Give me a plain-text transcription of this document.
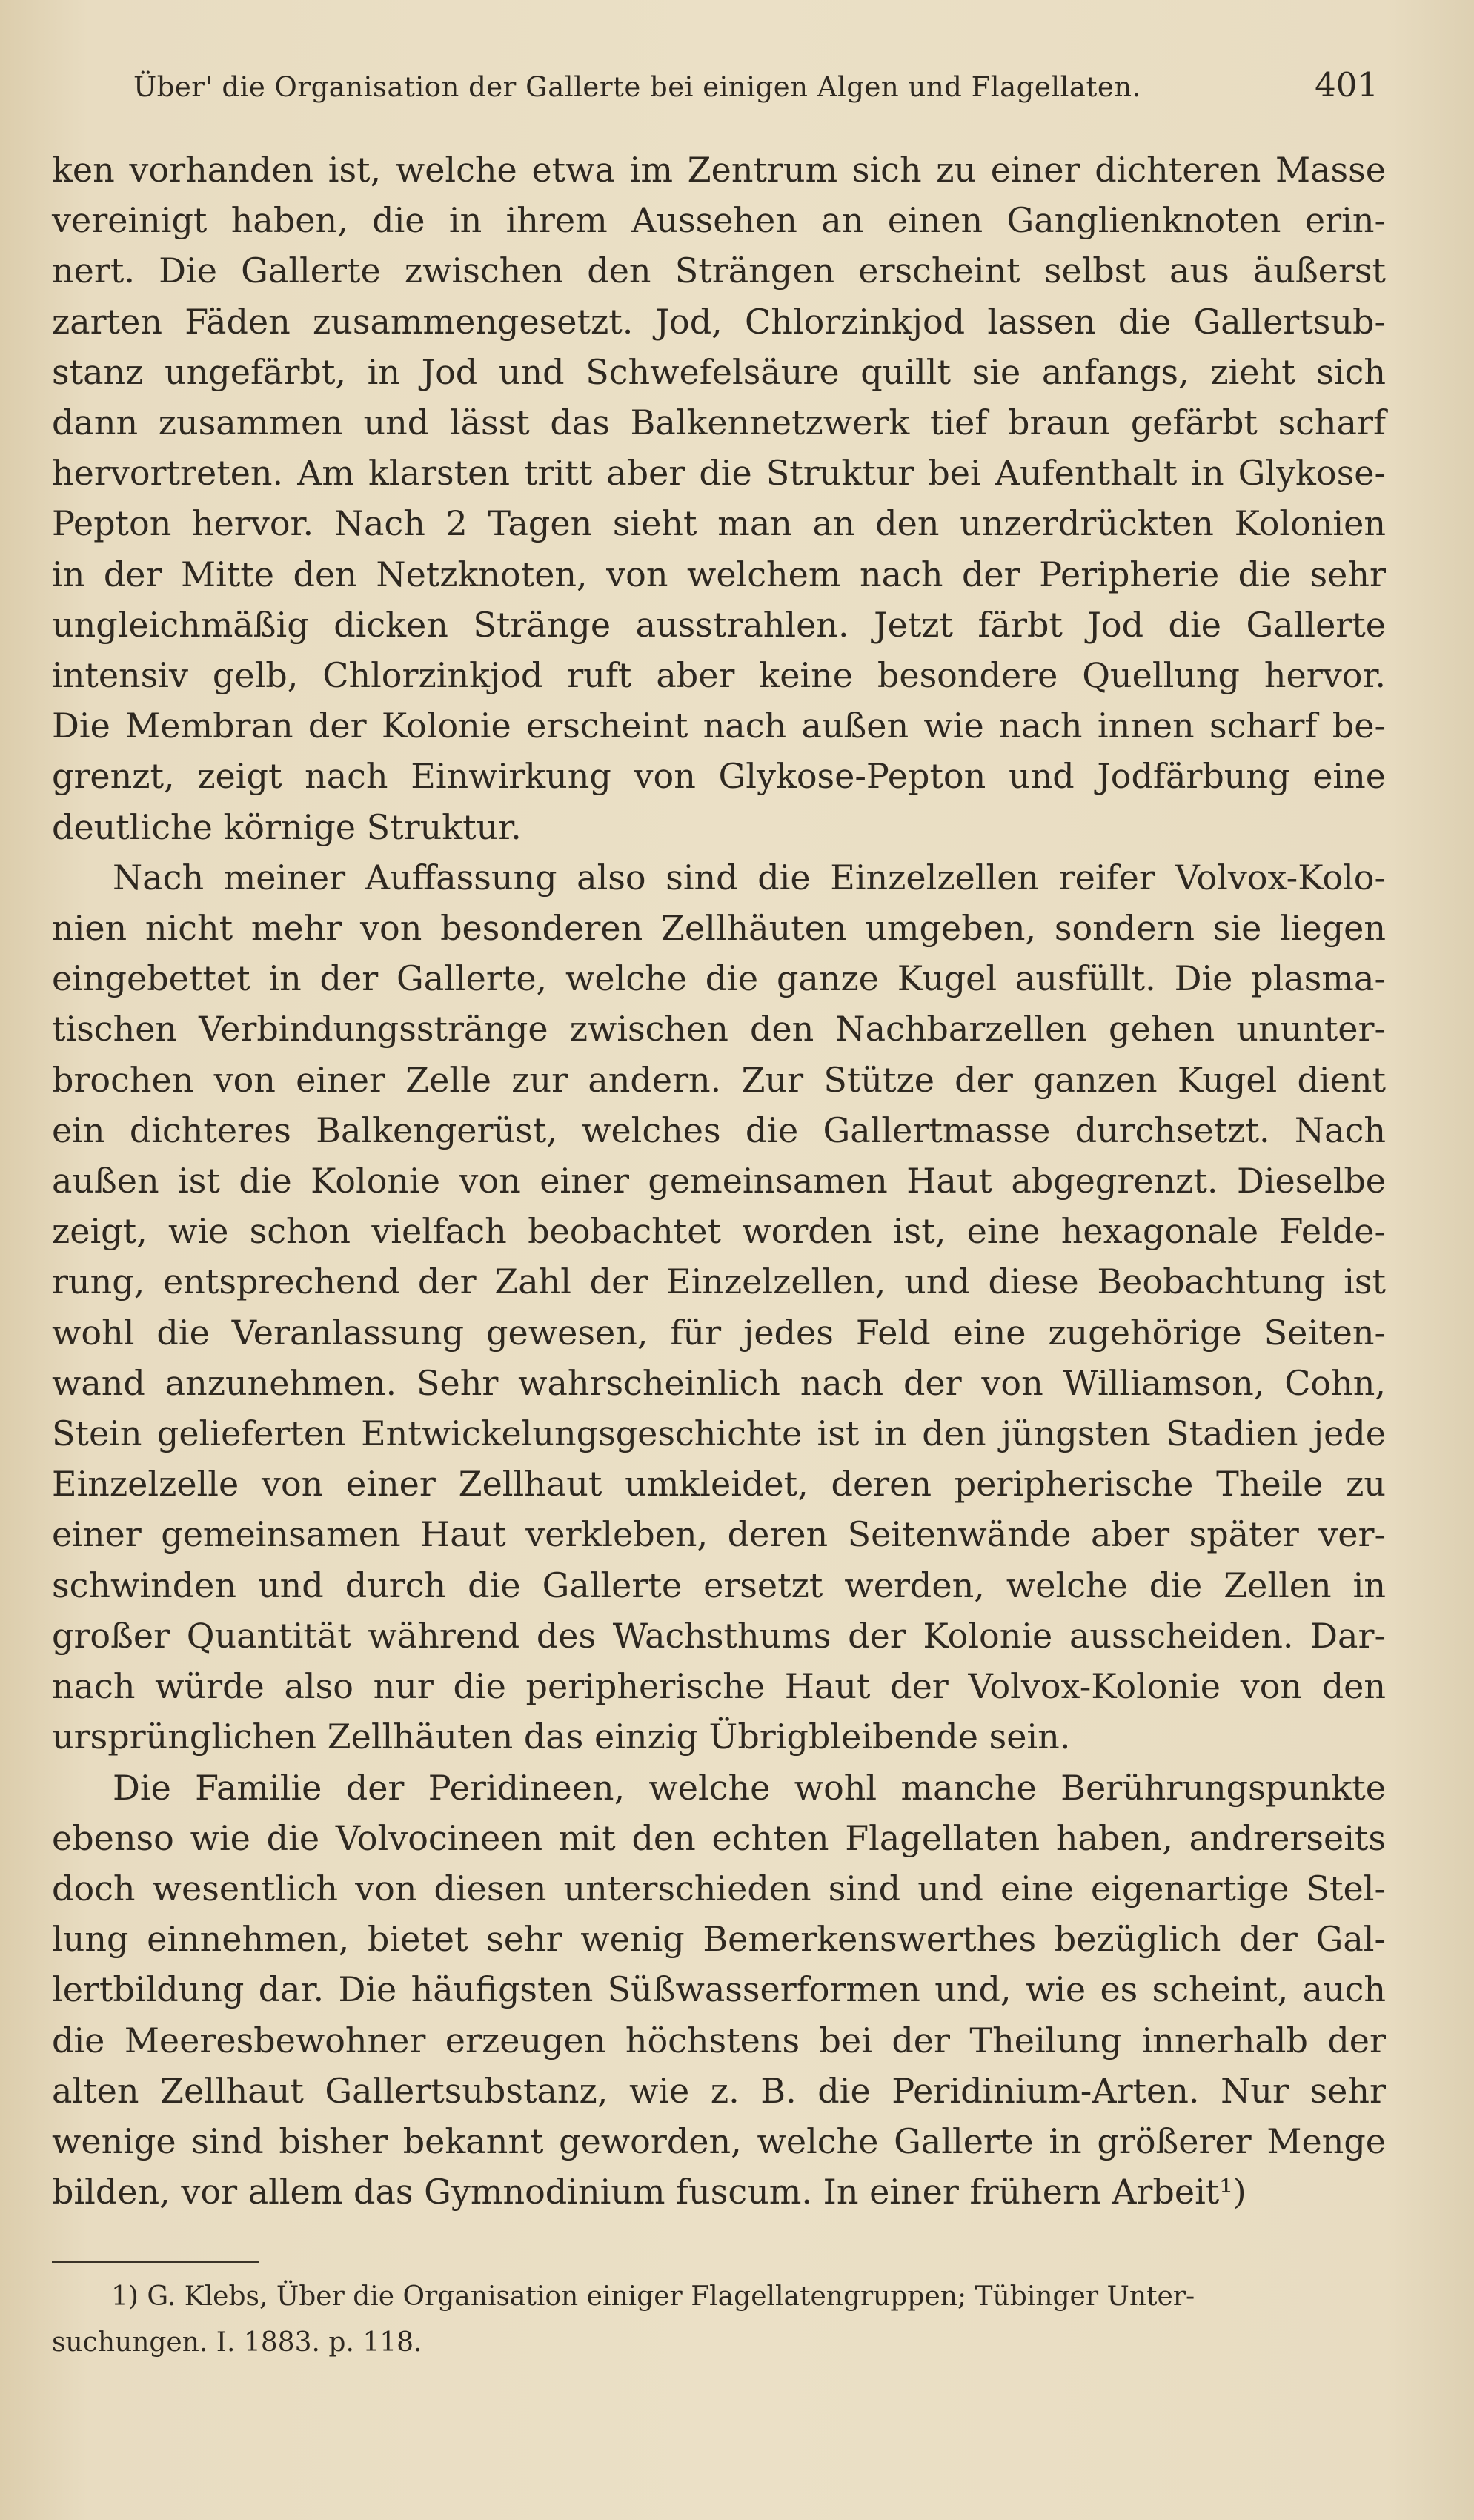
Über' die Organisation der Gallerte bei einigen Algen und Flagellaten.	401

ken vorhanden ist, welche etwa im Zentrum sich zu einer dichteren Masse
vereinigt haben, die in ihrem Aussehen an einen Ganglienknoten erin-
nert. Die Gallerte zwischen den Strängen erscheint selbst aus äußerst
zarten Fäden zusammengesetzt. Jod, Chlorzinkjod lassen die Gallertsub-
stanz ungefärbt, in Jod und Schwefelsäure quillt sie anfangs, zieht sich
dann zusammen und lässt das Balkennetzwerk tief braun gefärbt scharf
hervortreten. Am klarsten tritt aber die Struktur bei Aufenthalt in Glykose-
Pepton hervor. Nach 2 Tagen sieht man an den unzerdrückten Kolonien
in der Mitte den Netzknoten, von welchem nach der Peripherie die sehr
ungleichmäßig dicken Stränge ausstrahlen. Jetzt färbt Jod die Gallerte
intensiv gelb, Chlorzinkjod ruft aber keine besondere Quellung hervor.
Die Membran der Kolonie erscheint nach außen wie nach innen scharf be-
grenzt, zeigt nach Einwirkung von Glykose-Pepton und Jodfärbung eine
deutliche körnige Struktur.

Nach meiner Auffassung also sind die Einzelzellen reifer Volvox-Kolo-
nien nicht mehr von besonderen Zellhäuten umgeben, sondern sie liegen
eingebettet in der Gallerte, welche die ganze Kugel ausfüllt. Die plasma-
tischen Verbindungsstränge zwischen den Nachbarzellen gehen ununter-
brochen von einer Zelle zur andern. Zur Stütze der ganzen Kugel dient
ein dichteres Balkengerüst, welches die Gallertmasse durchsetzt. Nach
außen ist die Kolonie von einer gemeinsamen Haut abgegrenzt. Dieselbe
zeigt, wie schon vielfach beobachtet worden ist, eine hexagonale Felde-
rung, entsprechend der Zahl der Einzelzellen, und diese Beobachtung ist
wohl die Veranlassung gewesen, für jedes Feld eine zugehörige Seiten-
wand anzunehmen. Sehr wahrscheinlich nach der von Williamson, Cohn,
Stein gelieferten Entwickelungsgeschichte ist in den jüngsten Stadien jede
Einzelzelle von einer Zellhaut umkleidet, deren peripherische Theile zu
einer gemeinsamen Haut verkleben, deren Seitenwände aber später ver-
schwinden und durch die Gallerte ersetzt werden, welche die Zellen in
großer Quantität während des Wachsthums der Kolonie ausscheiden. Dar-
nach würde also nur die peripherische Haut der Volvox-Kolonie von den
ursprünglichen Zellhäuten das einzig Übrigbleibende sein.

Die Familie der Peridineen, welche wohl manche Berührungspunkte
ebenso wie die Volvocineen mit den echten Flagellaten haben, andrerseits
doch wesentlich von diesen unterschieden sind und eine eigenartige Stel-
lung einnehmen, bietet sehr wenig Bemerkenswerthes bezüglich der Gal-
lertbildung dar. Die häufigsten Süßwasserformen und, wie es scheint, auch
die Meeresbewohner erzeugen höchstens bei der Theilung innerhalb der
alten Zellhaut Gallertsubstanz, wie z. B. die Peridinium-Arten. Nur sehr
wenige sind bisher bekannt geworden, welche Gallerte in größerer Menge
bilden, vor allem das Gymnodinium fuscum. In einer frühern Arbeit¹)

1) G. Klebs, Über die Organisation einiger Flagellatengruppen; Tübinger Unter-
suchungen. I. 1883. p. 118.
